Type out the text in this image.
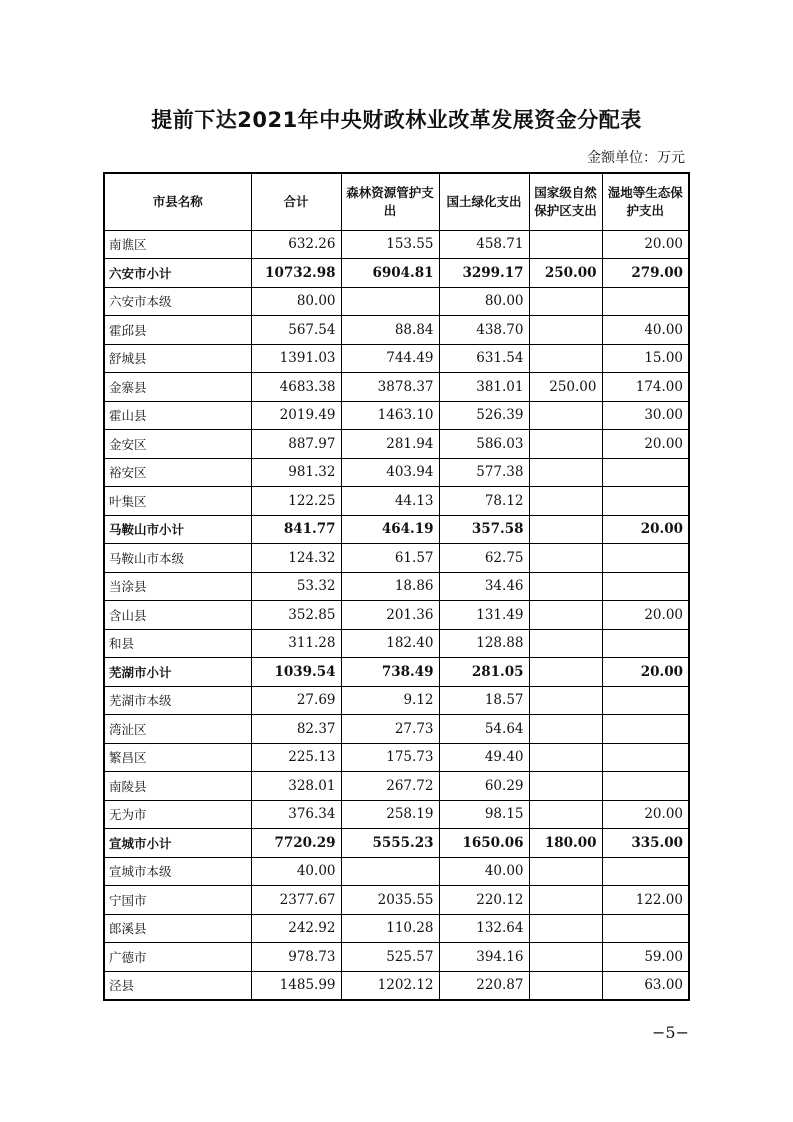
提前下达2021年中央财政林业改革发展资金分配表
金额单位：万元
市县名称	合计	森林资源管护支出	国土绿化支出	国家级自然保护区支出	湿地等生态保护支出
南谯区	632.26	153.55	458.71		20.00
六安市小计	10732.98	6904.81	3299.17	250.00	279.00
六安市本级	80.00		80.00		
霍邱县	567.54	88.84	438.70		40.00
舒城县	1391.03	744.49	631.54		15.00
金寨县	4683.38	3878.37	381.01	250.00	174.00
霍山县	2019.49	1463.10	526.39		30.00
金安区	887.97	281.94	586.03		20.00
裕安区	981.32	403.94	577.38		
叶集区	122.25	44.13	78.12		
马鞍山市小计	841.77	464.19	357.58		20.00
马鞍山市本级	124.32	61.57	62.75		
当涂县	53.32	18.86	34.46		
含山县	352.85	201.36	131.49		20.00
和县	311.28	182.40	128.88		
芜湖市小计	1039.54	738.49	281.05		20.00
芜湖市本级	27.69	9.12	18.57		
湾沚区	82.37	27.73	54.64		
繁昌区	225.13	175.73	49.40		
南陵县	328.01	267.72	60.29		
无为市	376.34	258.19	98.15		20.00
宣城市小计	7720.29	5555.23	1650.06	180.00	335.00
宣城市本级	40.00		40.00		
宁国市	2377.67	2035.55	220.12		122.00
郎溪县	242.92	110.28	132.64		
广德市	978.73	525.57	394.16		59.00
泾县	1485.99	1202.12	220.87		63.00
−5−
